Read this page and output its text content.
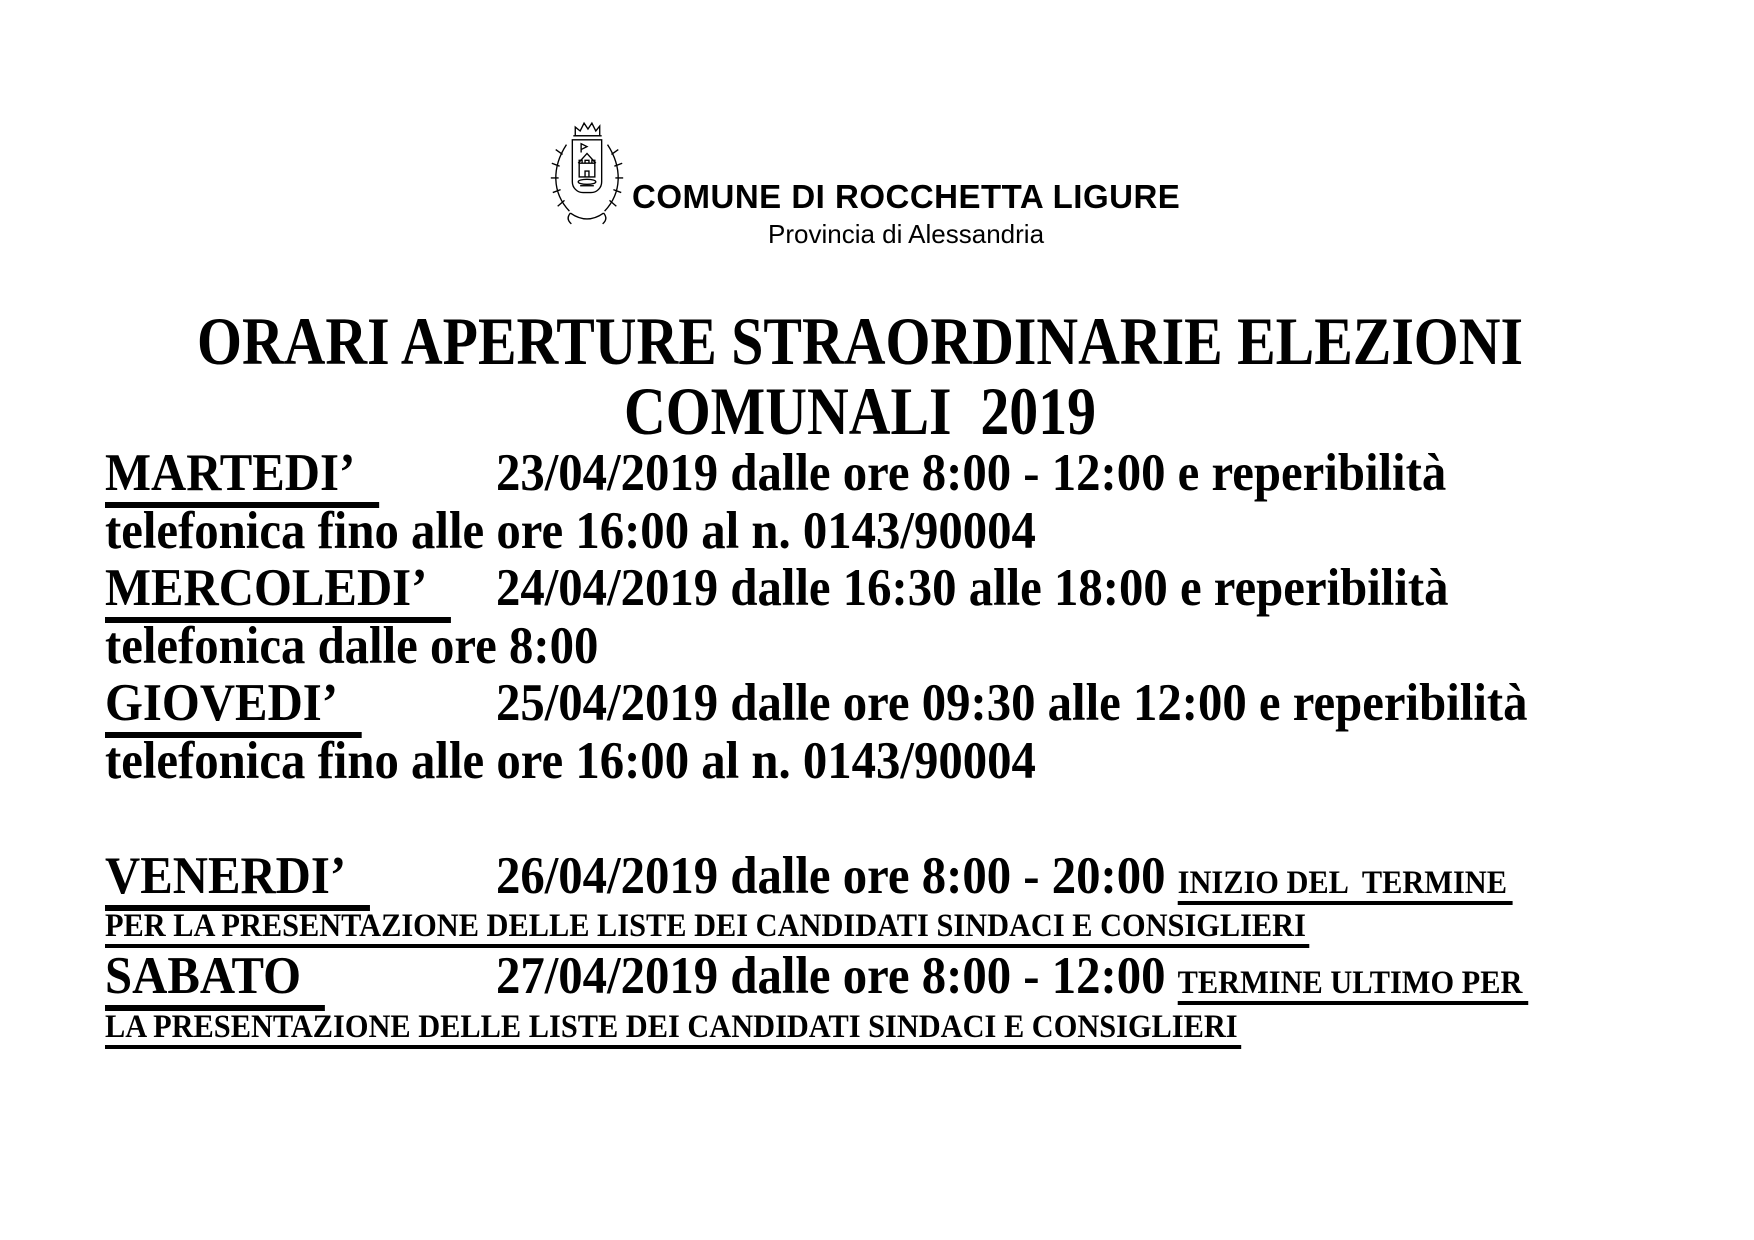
COMUNE DI ROCCHETTA LIGURE
Provincia di Alessandria
ORARI APERTURE STRAORDINARIE ELEZIONI
COMUNALI  2019
MARTEDI’	23/04/2019 dalle ore 8:00 - 12:00 e reperibilità
telefonica fino alle ore 16:00 al n. 0143/90004
MERCOLEDI’ 24/04/2019 dalle 16:30 alle 18:00 e reperibilità
telefonica dalle ore 8:00
GIOVEDI’	25/04/2019 dalle ore 09:30 alle 12:00 e reperibilità
telefonica fino alle ore 16:00 al n. 0143/90004
VENERDI’	26/04/2019 dalle ore 8:00 - 20:00 INIZIO DEL  TERMINE
PER LA PRESENTAZIONE DELLE LISTE DEI CANDIDATI SINDACI E CONSIGLIERI
SABATO	27/04/2019 dalle ore 8:00 - 12:00 TERMINE ULTIMO PER
LA PRESENTAZIONE DELLE LISTE DEI CANDIDATI SINDACI E CONSIGLIERI
